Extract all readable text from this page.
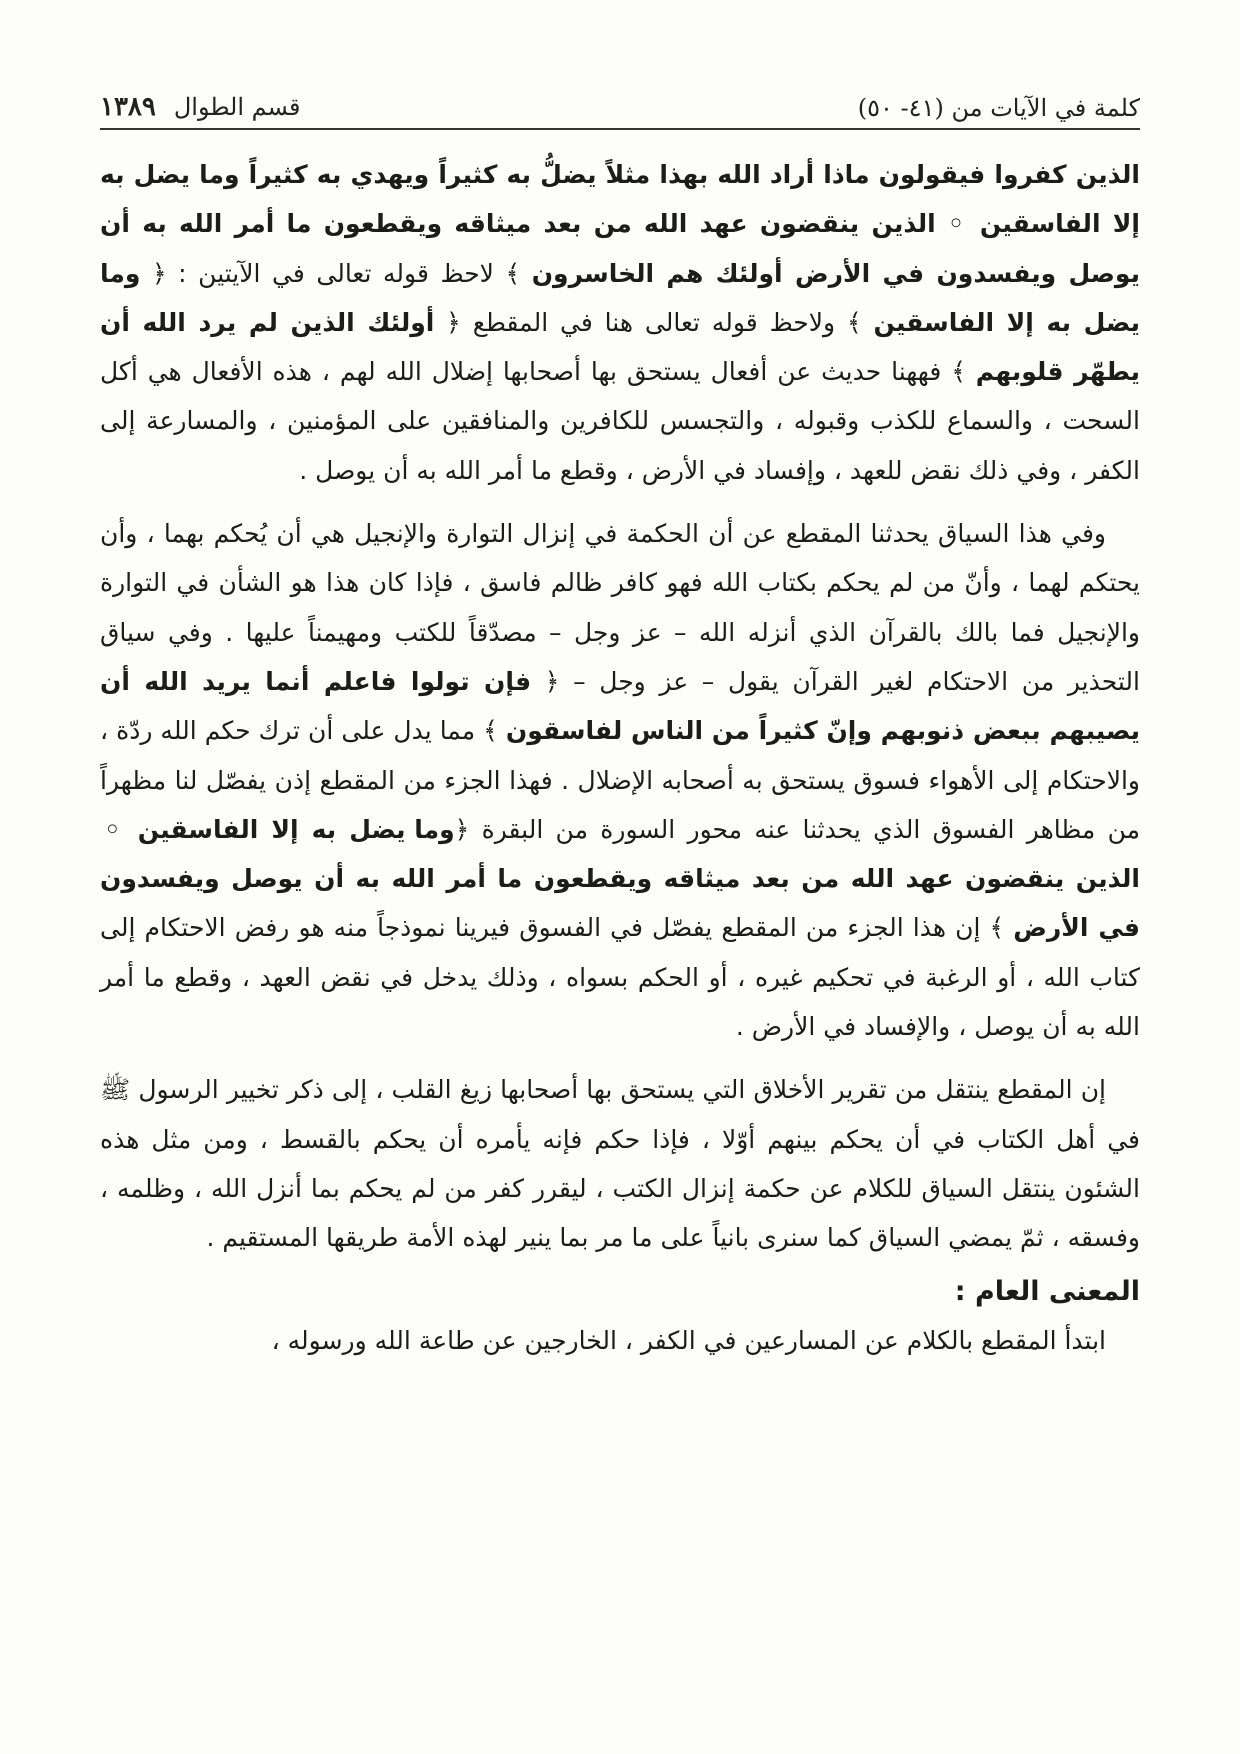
كلمة في الآيات من (٤١- ٥٠)
قسم الطوال
١٣٨٩

الذين كفروا فيقولون ماذا أراد الله بهذا مثلاً يضلُّ به كثيراً ويهدي به كثيراً وما يضل به إلا الفاسقين ◦ الذين ينقضون عهد الله من بعد ميثاقه ويقطعون ما أمر الله به أن يوصل ويفسدون في الأرض أولئك هم الخاسرون ﴾ لاحظ قوله تعالى في الآيتين : ﴿ وما يضل به إلا الفاسقين ﴾ ولاحظ قوله تعالى هنا في المقطع ﴿ أولئك الذين لم يرد الله أن يطهّر قلوبهم ﴾ فههنا حديث عن أفعال يستحق بها أصحابها إضلال الله لهم ، هذه الأفعال هي أكل السحت ، والسماع للكذب وقبوله ، والتجسس للكافرين والمنافقين على المؤمنين ، والمسارعة إلى الكفر ، وفي ذلك نقض للعهد ، وإفساد في الأرض ، وقطع ما أمر الله به أن يوصل .

وفي هذا السياق يحدثنا المقطع عن أن الحكمة في إنزال التوارة والإنجيل هي أن يُحكم بهما ، وأن يحتكم لهما ، وأنّ من لم يحكم بكتاب الله فهو كافر ظالم فاسق ، فإذا كان هذا هو الشأن في التوارة والإنجيل فما بالك بالقرآن الذي أنزله الله – عز وجل – مصدّقاً للكتب ومهيمناً عليها . وفي سياق التحذير من الاحتكام لغير القرآن يقول – عز وجل – ﴿ فإن تولوا فاعلم أنما يريد الله أن يصيبهم ببعض ذنوبهم وإنّ كثيراً من الناس لفاسقون ﴾ مما يدل على أن ترك حكم الله ردّة ، والاحتكام إلى الأهواء فسوق يستحق به أصحابه الإضلال . فهذا الجزء من المقطع إذن يفصّل لنا مظهراً من مظاهر الفسوق الذي يحدثنا عنه محور السورة من البقرة ﴿وما يضل به إلا الفاسقين ◦ الذين ينقضون عهد الله من بعد ميثاقه ويقطعون ما أمر الله به أن يوصل ويفسدون في الأرض ﴾ إن هذا الجزء من المقطع يفصّل في الفسوق فيرينا نموذجاً منه هو رفض الاحتكام إلى كتاب الله ، أو الرغبة في تحكيم غيره ، أو الحكم بسواه ، وذلك يدخل في نقض العهد ، وقطع ما أمر الله به أن يوصل ، والإفساد في الأرض .

إن المقطع ينتقل من تقرير الأخلاق التي يستحق بها أصحابها زيغ القلب ، إلى ذكر تخيير الرسول ﷺ في أهل الكتاب في أن يحكم بينهم أوّلا ، فإذا حكم فإنه يأمره أن يحكم بالقسط ، ومن مثل هذه الشئون ينتقل السياق للكلام عن حكمة إنزال الكتب ، ليقرر كفر من لم يحكم بما أنزل الله ، وظلمه ، وفسقه ، ثمّ يمضي السياق كما سنرى بانياً على ما مر بما ينير لهذه الأمة طريقها المستقيم .

المعنى العام :

ابتدأ المقطع بالكلام عن المسارعين في الكفر ، الخارجين عن طاعة الله ورسوله ،
